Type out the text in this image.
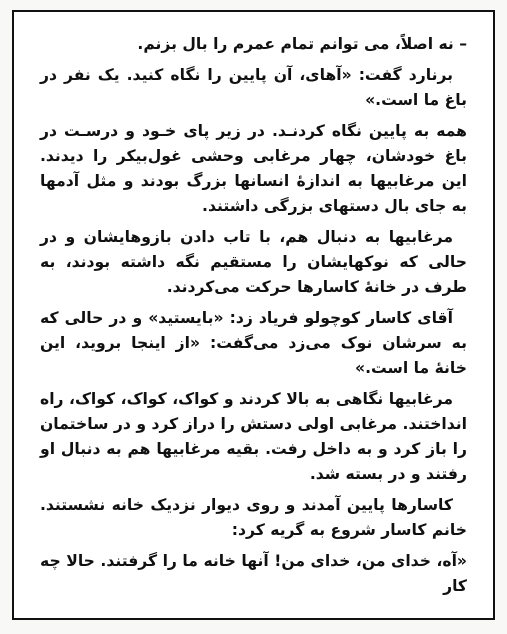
– نه اصلاً، می توانم تمام عمرم را بال بزنم.

برنارد گفت: «آهای، آن پایین را نگاه کنید. یک نفر در باغ ما است.»

همه به پایین نگاه کردنـد. در زیر پای خـود و درسـت در باغ خودشان، چهار مرغابی وحشی غول‌بیکر را دیدند. این مرغابیها به اندازهٔ انسانها بزرگ بودند و مثل آدمها به جای بال دستهای بزرگی داشتند.

مرغابیها به دنبال هم، با تاب دادن بازوهایشان و در حالی که نوکهایشان را مستقیم نگه داشته بودند، به طرف در خانهٔ کاسارها حرکت می‌کردند.

آقای کاسار کوچولو فریاد زد: «بایستید» و در حالی که به سرشان نوک می‌زد می‌گفت: «از اینجا بروید، این خانهٔ ما است.»

مرغابیها نگاهی به بالا کردند و کواک، کواک، کواک، راه انداختند. مرغابی اولی دستش را دراز کرد و در ساختمان را باز کرد و به داخل رفت. بقیه مرغابیها هم به دنبال او رفتند و در بسته شد.

کاسارها پایین آمدند و روی دیوار نزدیک خانه نشستند. خانم کاسار شروع به گریه کرد:

«آه، خدای من، خدای من! آنها خانه ما را گرفتند. حالا چه کار
